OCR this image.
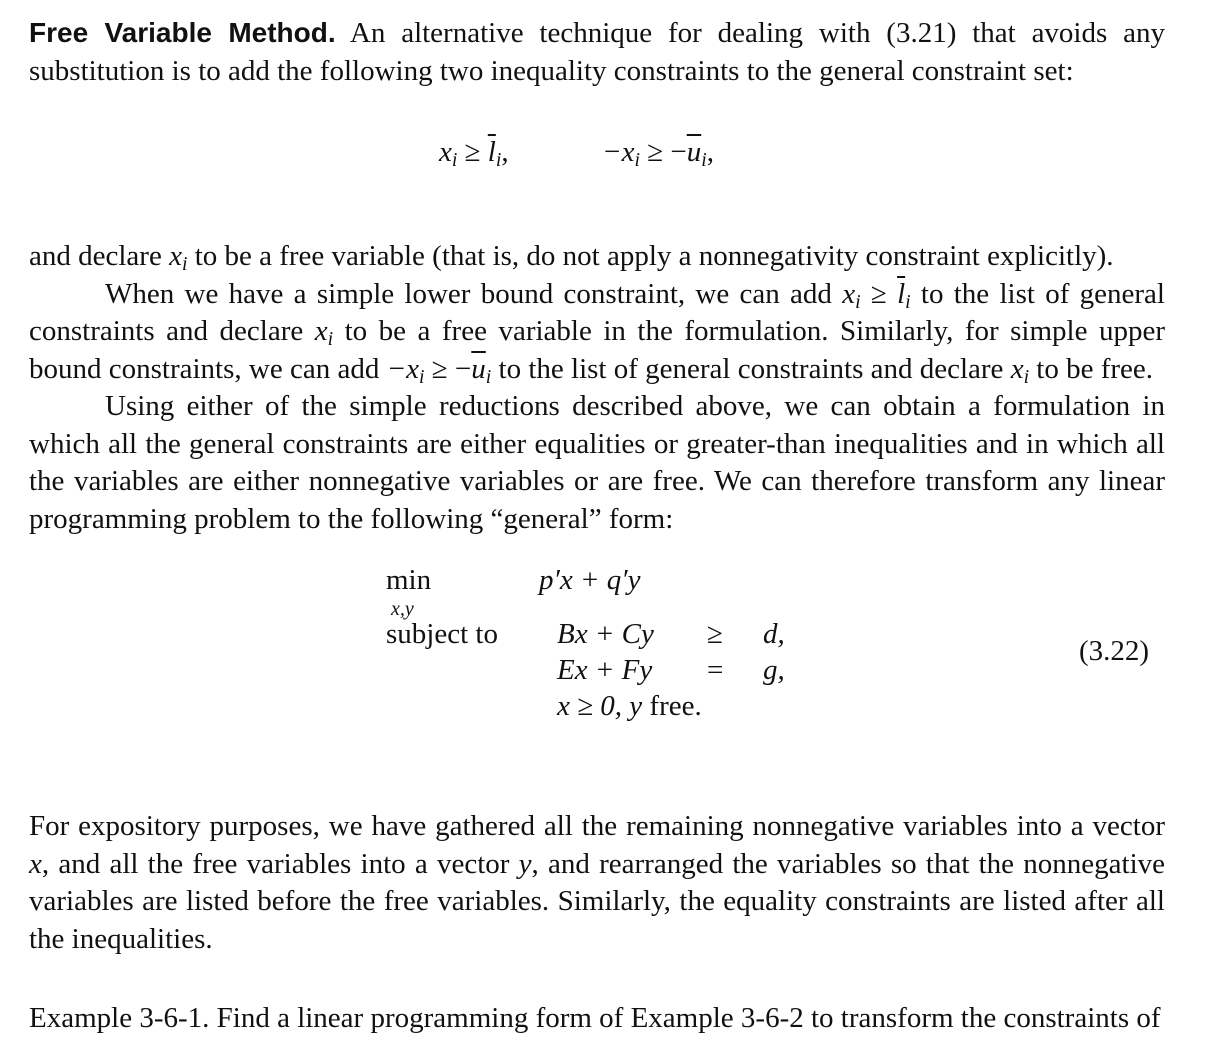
Free Variable Method. An alternative technique for dealing with (3.21) that avoids any substitution is to add the following two inequality constraints to the general constraint set:

$x_i \ge \overline{l}_i$,	$-x_i \ge -\overline{u}_i$,

and declare $x_i$ to be a free variable (that is, do not apply a nonnegativity constraint explicitly).

When we have a simple lower bound constraint, we can add $x_i \ge \overline{l}_i$ to the list of general constraints and declare $x_i$ to be a free variable in the formulation. Similarly, for simple upper bound constraints, we can add $-x_i \ge -\overline{u}_i$ to the list of general constraints and declare $x_i$ to be free.

Using either of the simple reductions described above, we can obtain a formulation in which all the general constraints are either equalities or greater-than inequalities and in which all the variables are either nonnegative variables or are free. We can therefore transform any linear programming problem to the following “general” form:

min
x,y
p′x + q′y
subject to Bx + Cy ≥ d,
(3.22)
Ex + Fy = g,
x ≥ 0, y free.

For expository purposes, we have gathered all the remaining nonnegative variables into a vector x, and all the free variables into a vector y, and rearranged the variables so that the nonnegative variables are listed before the free variables. Similarly, the equality constraints are listed after all the inequalities.

Example 3-6-1. Find a linear programming form of Example 3-6-2 to transform the constraints of
